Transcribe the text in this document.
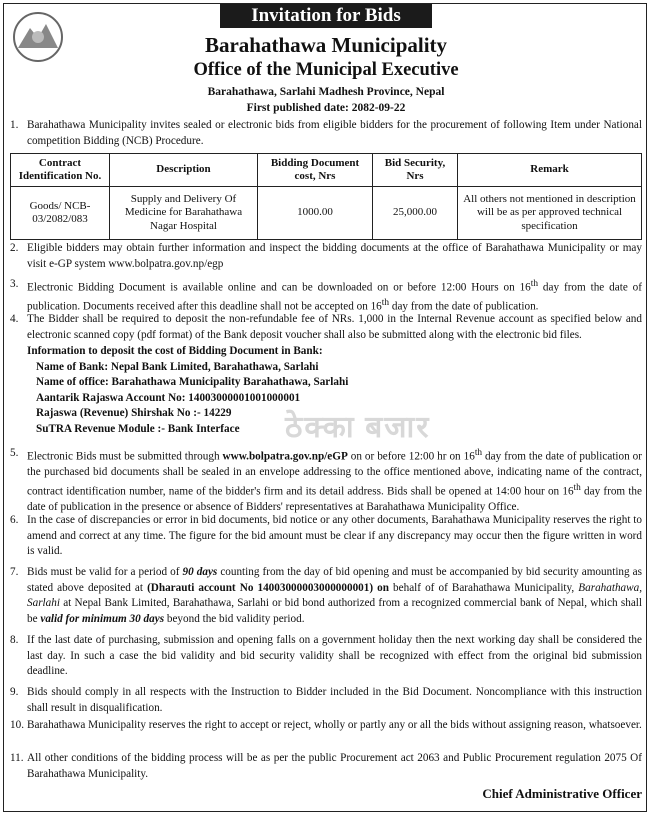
Invitation for Bids
Barahathawa Municipality
Office of the Municipal Executive
Barahathawa, Sarlahi Madhesh Province, Nepal
First published date: 2082-09-22
1. Barahathawa Municipality invites sealed or electronic bids from eligible bidders for the procurement of following Item under National competition Bidding (NCB) Procedure.
Contract Identification No.	Description	Bidding Document cost, Nrs	Bid Security, Nrs	Remark
Goods/ NCB-03/2082/083	Supply and Delivery Of Medicine for Barahathawa Nagar Hospital	1000.00	25,000.00	All others not mentioned in description will be as per approved technical specification
2. Eligible bidders may obtain further information and inspect the bidding documents at the office of Barahathawa Municipality or may visit e-GP system www.bolpatra.gov.np/egp
3. Electronic Bidding Document is available online and can be downloaded on or before 12:00 Hours on 16th day from the date of publication. Documents received after this deadline shall not be accepted on 16th day from the date of publication.
4. The Bidder shall be required to deposit the non-refundable fee of NRs. 1,000 in the Internal Revenue account as specified below and electronic scanned copy (pdf format) of the Bank deposit voucher shall also be submitted along with the electronic bid files.
Information to deposit the cost of Bidding Document in Bank:
Name of Bank: Nepal Bank Limited, Barahathawa, Sarlahi
Name of office: Barahathawa Municipality Barahathawa, Sarlahi
Aantarik Rajaswa Account No: 14003000001001000001
Rajaswa (Revenue) Shirshak No :- 14229
SuTRA Revenue Module :- Bank Interface	ठेक्का बजार
5. Electronic Bids must be submitted through www.bolpatra.gov.np/eGP on or before 12:00 hr on 16th day from the date of publication or the purchased bid documents shall be sealed in an envelope addressing to the office mentioned above, indicating name of the contract, contract identification number, name of the bidder's firm and its detail address. Bids shall be opened at 14:00 hour on 16th day from the date of publication in the presence or absence of Bidders' representatives at Barahathawa Municipality Office.
6. In the case of discrepancies or error in bid documents, bid notice or any other documents, Barahathawa Municipality reserves the right to amend and correct at any time. The figure for the bid amount must be clear if any discrepancy may occur then the figure written in word is valid.
7. Bids must be valid for a period of 90 days counting from the day of bid opening and must be accompanied by bid security amounting as stated above deposited at (Dharauti account No 14003000003000000001) on behalf of of Barahathawa Municipality, Barahathawa, Sarlahi at Nepal Bank Limited, Barahathawa, Sarlahi or bid bond authorized from a recognized commercial bank of Nepal, which shall be valid for minimum 30 days beyond the bid validity period.
8. If the last date of purchasing, submission and opening falls on a government holiday then the next working day shall be considered the last day. In such a case the bid validity and bid security validity shall be recognized with effect from the original bid submission deadline.
9. Bids should comply in all respects with the Instruction to Bidder included in the Bid Document. Noncompliance with this instruction shall result in disqualification.
10. Barahathawa Municipality reserves the right to accept or reject, wholly or partly any or all the bids without assigning reason, whatsoever.
11. All other conditions of the bidding process will be as per the public Procurement act 2063 and Public Procurement regulation 2075 Of Barahathawa Municipality.
Chief Administrative Officer
